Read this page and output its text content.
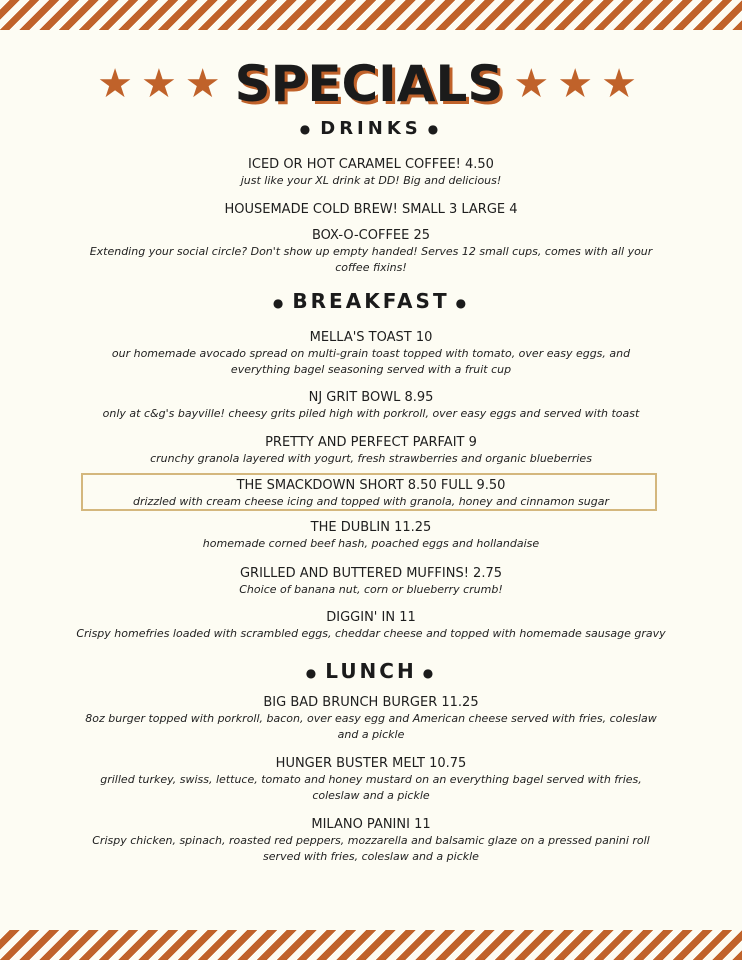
★★★ SPECIALS ★★★
● DRINKS ●
ICED OR HOT CARAMEL COFFEE! 4.50
just like your XL drink at DD! Big and delicious!
HOUSEMADE COLD BREW! SMALL 3 LARGE 4
BOX-O-COFFEE 25
Extending your social circle? Don't show up empty handed! Serves 12 small cups, comes with all your coffee fixins!
● BREAKFAST ●
MELLA'S TOAST 10
our homemade avocado spread on multi-grain toast topped with tomato, over easy eggs, and everything bagel seasoning served with a fruit cup
NJ GRIT BOWL 8.95
only at c&g's bayville! cheesy grits piled high with porkroll, over easy eggs and served with toast
PRETTY AND PERFECT PARFAIT 9
crunchy granola layered with yogurt, fresh strawberries and organic blueberries
THE SMACKDOWN SHORT 8.50 FULL 9.50
drizzled with cream cheese icing and topped with granola, honey and cinnamon sugar
THE DUBLIN 11.25
homemade corned beef hash, poached eggs and hollandaise
GRILLED AND BUTTERED MUFFINS! 2.75
Choice of banana nut, corn or blueberry crumb!
DIGGIN' IN 11
Crispy homefries loaded with scrambled eggs, cheddar cheese and topped with homemade sausage gravy
● LUNCH ●
BIG BAD BRUNCH BURGER 11.25
8oz burger topped with porkroll, bacon, over easy egg and American cheese served with fries, coleslaw and a pickle
HUNGER BUSTER MELT 10.75
grilled turkey, swiss, lettuce, tomato and honey mustard on an everything bagel served with fries, coleslaw and a pickle
MILANO PANINI 11
Crispy chicken, spinach, roasted red peppers, mozzarella and balsamic glaze on a pressed panini roll served with fries, coleslaw and a pickle
